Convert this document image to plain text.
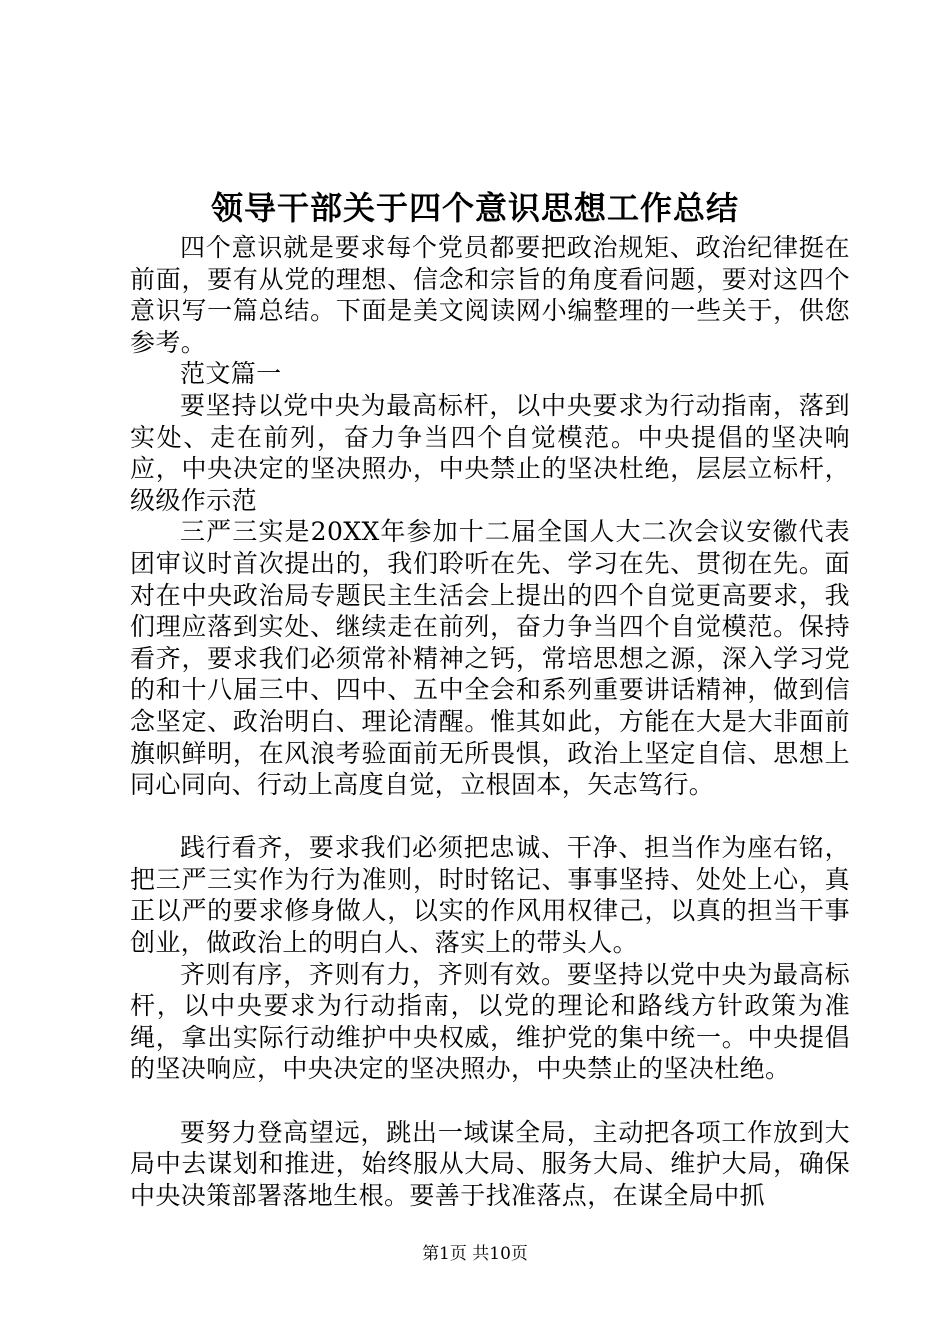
领导干部关于四个意识思想工作总结

四个意识就是要求每个党员都要把政治规矩、政治纪律挺在前面，要有从党的理想、信念和宗旨的角度看问题，要对这四个意识写一篇总结。下面是美文阅读网小编整理的一些关于，供您参考。

范文篇一

要坚持以党中央为最高标杆，以中央要求为行动指南，落到实处、走在前列，奋力争当四个自觉模范。中央提倡的坚决响应，中央决定的坚决照办，中央禁止的坚决杜绝，层层立标杆，级级作示范

三严三实是20XX年参加十二届全国人大二次会议安徽代表团审议时首次提出的，我们聆听在先、学习在先、贯彻在先。面对在中央政治局专题民主生活会上提出的四个自觉更高要求，我们理应落到实处、继续走在前列，奋力争当四个自觉模范。保持看齐，要求我们必须常补精神之钙，常培思想之源，深入学习党的和十八届三中、四中、五中全会和系列重要讲话精神，做到信念坚定、政治明白、理论清醒。惟其如此，方能在大是大非面前旗帜鲜明，在风浪考验面前无所畏惧，政治上坚定自信、思想上同心同向、行动上高度自觉，立根固本，矢志笃行。

践行看齐，要求我们必须把忠诚、干净、担当作为座右铭，把三严三实作为行为准则，时时铭记、事事坚持、处处上心，真正以严的要求修身做人，以实的作风用权律己，以真的担当干事创业，做政治上的明白人、落实上的带头人。

齐则有序，齐则有力，齐则有效。要坚持以党中央为最高标杆，以中央要求为行动指南，以党的理论和路线方针政策为准绳，拿出实际行动维护中央权威，维护党的集中统一。中央提倡的坚决响应，中央决定的坚决照办，中央禁止的坚决杜绝。

要努力登高望远，跳出一域谋全局，主动把各项工作放到大局中去谋划和推进，始终服从大局、服务大局、维护大局，确保中央决策部署落地生根。要善于找准落点，在谋全局中抓

第1页 共10页
